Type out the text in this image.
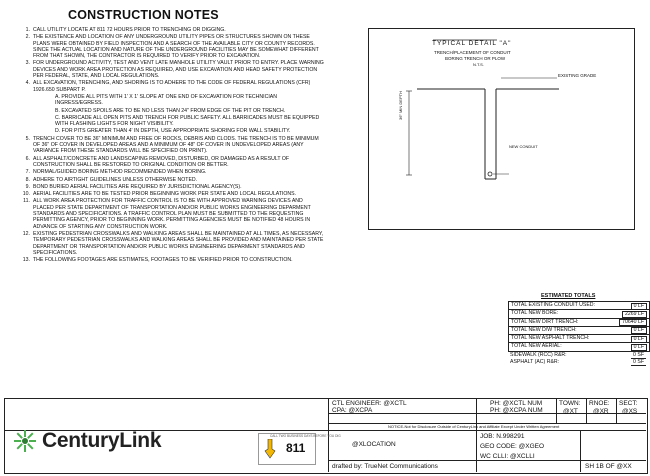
CONSTRUCTION NOTES
1. CALL UTILITY LOCATE AT 811 72 HOURS PRIOR TO TRENCHING OR DIGGING.
2. THE EXISTENCE AND LOCATION OF ANY UNDERGROUND UTILITY PIPES OR STRUCTURES SHOWN ON THESE PLANS WERE OBTAINED BY FIELD INSPECTION AND A SEARCH OF THE AVAILABLE CITY OR COUNTY RECORDS. SINCE THE ACTUAL LOCATION AND NATURE OF THE UNDERGROUND FACILITIES MAY BE SOMEWHAT DIFFERENT FROM THAT SHOWN, THE CONTRACTOR IS REQUIRED TO VERIFY PRIOR TO EXCAVATION.
3. FOR UNDERGROUND ACTIVITY, TEST AND VENT LATE MANHOLE UTILITY VAULT PRIOR TO ENTRY. PLACE WARNING DEVICES AND WORK AREA PROTECTION AS REQUIRED, AND USE EXCAVATION AND HEAD SAFETY PROTECTION PER FEDERAL, STATE, AND LOCAL REGULATIONS.
4. ALL EXCAVATION, TRENCHING, AND SHORING IS TO ADHERE TO THE CODE OF FEDERAL REGULATIONS (CFR) 1926.650 SUBPART P.
A. PROVIDE ALL PITS WITH 1' X 1' SLOPE AT ONE END OF EXCAVATION FOR TECHNICIAN INGRESS/EGRESS.
B. EXCAVATED SPOILS ARE TO BE NO LESS THAN 24" FROM EDGE OF THE PIT OR TRENCH.
C. BARRICADE ALL OPEN PITS AND TRENCH FOR PUBLIC SAFETY. ALL BARRICADES MUST BE EQUIPPED WITH FLASHING LIGHTS FOR NIGHT VISIBILITY.
D. FOR PITS GREATER THAN 4' IN DEPTH, USE APPROPRIATE SHORING FOR WALL STABILITY.
5. TRENCH COVER TO BE 36" MINIMUM AND FREE OF ROCKS, DEBRIS AND CLODS. THE TRENCH IS TO BE MINIMUM OF 36" OF COVER IN DEVELOPED AREAS AND A MINIMUM OF 48" OF COVER IN UNDEVELOPED AREAS (ANY VARIANCE FROM THESE STANDARDS WILL BE SPECIFIED ON PRINT).
6. ALL ASPHALT/CONCRETE AND LANDSCAPING REMOVED, DISTURBED, OR DAMAGED AS A RESULT OF CONSTRUCTION SHALL BE RESTORED TO ORIGINAL CONDITION OR BETTER.
7. NORMAL/GUIDED BORING METHOD RECOMMENDED WHEN BORING.
8. ADHERE TO AIRTIGHT GUIDELINES UNLESS OTHERWISE NOTED.
9. BOND BURIED AERIAL FACILITIES ARE REQUIRED BY JURISDICTIONAL AGENCY(S).
10. AERIAL FACILITIES ARE TO BE TESTED PRIOR BEGINNING WORK PER STATE AND LOCAL REGULATIONS.
11. ALL WORK AREA PROTECTION FOR TRAFFIC CONTROL IS TO BE WITH APPROVED WARNING DEVICES AND PLACED PER STATE DEPARTMENT OF TRANSPORTATION AND/OR PUBLIC WORKS ENGINEERING DEPARMENT STANDARDS AND SPECIFICATIONS. A TRAFFIC CONTROL PLAN MUST BE SUBMITTED TO THE REQUESTING PERMITTING AGENCY, PRIOR TO BEGINNING WORK. PERMITTING AGENCIES MUST BE NOTIFIED 48 HOURS IN ADVANCE OF STARTING ANY CONSTRUCTION WORK.
12. EXISTING PEDESTRIAN CROSSWALKS AND WALKING AREAS SHALL BE MAINTAINED AT ALL TIMES, AS NECESSARY, TEMPORARY PEDESTRIAN CROSSWALKS AND WALKING AREAS SHALL BE PROVIDED AND MAINTAINED PER STATE DEPARTMENT OR TRANSPORTATION AND/OR PUBLIC WORKS ENGINEERING DEPARMENT STANDARDS AND SPECIFICATIONS.
13. THE FOLLOWING FOOTAGES ARE ESTIMATES, FOOTAGES TO BE VERIFIED PRIOR TO CONSTRUCTION.
TYPICAL DETAIL "A"
TRENCH/PLACEMENT OF CONDUIT
BORING TRENCH OR PLOW
N.T.S.
EXISTING GRADE
36" MIN DEPTH
NEW CONDUIT
ESTIMATED TOTALS
TOTAL EXISTING CONDUIT USED:	0 LF
TOTAL NEW BORE:	2269 LF
TOTAL NEW DIRT TRENCH:	70640 LF
TOTAL NEW D/W TRENCH:	0 LF
TOTAL NEW ASPHALT TRENCH:	0 LF
TOTAL NEW AERIAL:	0 LF
SIDEWALK (RCC) R&R:	0 SF
ASPHALT (AC) R&R:	0 SF
CTL ENGINEER: @XCTL
CPA: @XCPA
PH: @XCTL NUM
PH: @XCPA NUM
TOWN:
@XT
RNOE:
@XR
SECT:
@XS
NOTICE-Not for Disclosure Outside of CenturyLink and Affiliate Except Under Written Agreement
@XLOCATION
JOB: N.998291
GEO CODE: @XGEO
WC CLLI: @XCLLI
drafted by: TrueNet Communications	SH 1B OF @XX
CenturyLink	CALL TWO BUSINESS DAYS BEFORE YOU DIG
811
